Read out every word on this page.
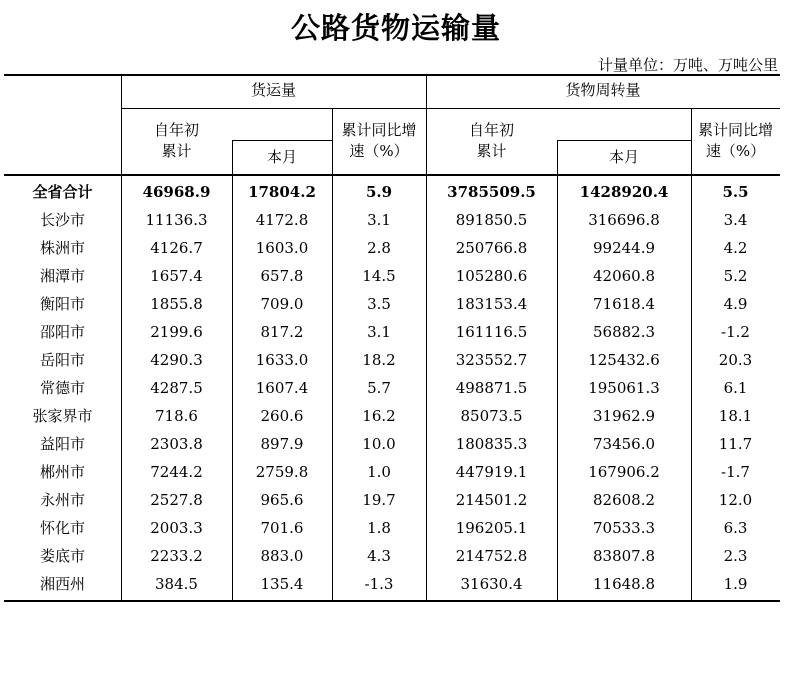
公路货物运输量
计量单位：万吨、万吨公里
货运量	货物周转量
自年初
累计	本月
累计同比增
速（%）
自年初
累计	本月
累计同比增
速（%）
全省合计	46968.9	17804.2	5.9	3785509.5	1428920.4	5.5
长沙市	11136.3	4172.8	3.1	891850.5	316696.8	3.4
株洲市	4126.7	1603.0	2.8	250766.8	99244.9	4.2
湘潭市	1657.4	657.8	14.5	105280.6	42060.8	5.2
衡阳市	1855.8	709.0	3.5	183153.4	71618.4	4.9
邵阳市	2199.6	817.2	3.1	161116.5	56882.3	-1.2
岳阳市	4290.3	1633.0	18.2	323552.7	125432.6	20.3
常德市	4287.5	1607.4	5.7	498871.5	195061.3	6.1
张家界市	718.6	260.6	16.2	85073.5	31962.9	18.1
益阳市	2303.8	897.9	10.0	180835.3	73456.0	11.7
郴州市	7244.2	2759.8	1.0	447919.1	167906.2	-1.7
永州市	2527.8	965.6	19.7	214501.2	82608.2	12.0
怀化市	2003.3	701.6	1.8	196205.1	70533.3	6.3
娄底市	2233.2	883.0	4.3	214752.8	83807.8	2.3
湘西州	384.5	135.4	-1.3	31630.4	11648.8	1.9
